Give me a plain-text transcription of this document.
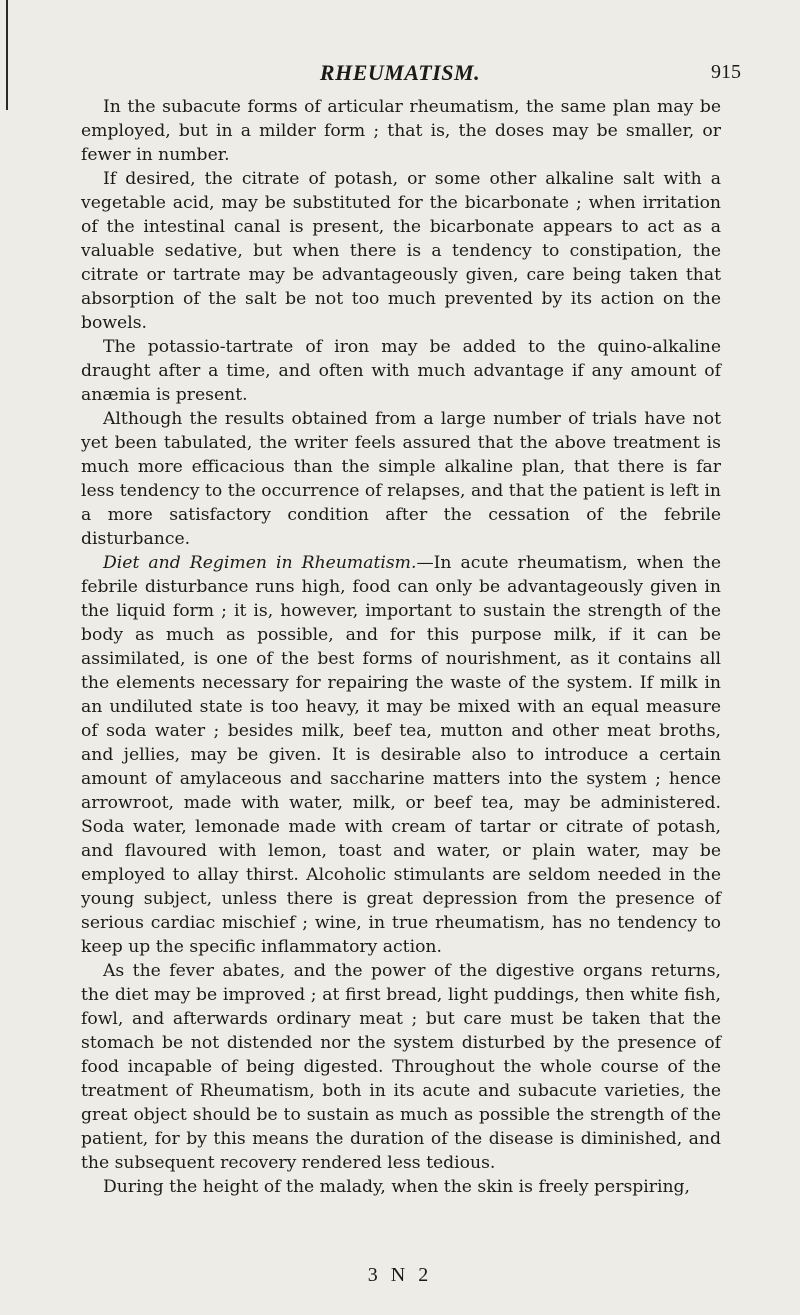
RHEUMATISM.	915

In the subacute forms of articular rheumatism, the same plan may be employed, but in a milder form ; that is, the doses may be smaller, or fewer in number.

If desired, the citrate of potash, or some other alkaline salt with a vegetable acid, may be substituted for the bicarbonate ; when irritation of the intestinal canal is present, the bicarbonate appears to act as a valuable sedative, but when there is a tendency to constipation, the citrate or tartrate may be advantageously given, care being taken that absorption of the salt be not too much prevented by its action on the bowels.

The potassio-tartrate of iron may be added to the quino-alkaline draught after a time, and often with much advantage if any amount of anæmia is present.

Although the results obtained from a large number of trials have not yet been tabulated, the writer feels assured that the above treatment is much more efficacious than the simple alkaline plan, that there is far less tendency to the occurrence of relapses, and that the patient is left in a more satisfactory condition after the cessation of the febrile disturbance.

Diet and Regimen in Rheumatism.—In acute rheumatism, when the febrile disturbance runs high, food can only be advantageously given in the liquid form ; it is, however, important to sustain the strength of the body as much as possible, and for this purpose milk, if it can be assimilated, is one of the best forms of nourishment, as it contains all the elements necessary for repairing the waste of the system. If milk in an undiluted state is too heavy, it may be mixed with an equal measure of soda water ; besides milk, beef tea, mutton and other meat broths, and jellies, may be given. It is desirable also to introduce a certain amount of amylaceous and saccharine matters into the system ; hence arrowroot, made with water, milk, or beef tea, may be administered. Soda water, lemonade made with cream of tartar or citrate of potash, and flavoured with lemon, toast and water, or plain water, may be employed to allay thirst. Alcoholic stimulants are seldom needed in the young subject, unless there is great depression from the presence of serious cardiac mischief ; wine, in true rheumatism, has no tendency to keep up the specific inflammatory action.

As the fever abates, and the power of the digestive organs returns, the diet may be improved ; at first bread, light puddings, then white fish, fowl, and afterwards ordinary meat ; but care must be taken that the stomach be not distended nor the system disturbed by the presence of food incapable of being digested. Throughout the whole course of the treatment of Rheumatism, both in its acute and subacute varieties, the great object should be to sustain as much as possible the strength of the patient, for by this means the duration of the disease is diminished, and the subsequent recovery rendered less tedious.

During the height of the malady, when the skin is freely perspiring,

3 N 2
